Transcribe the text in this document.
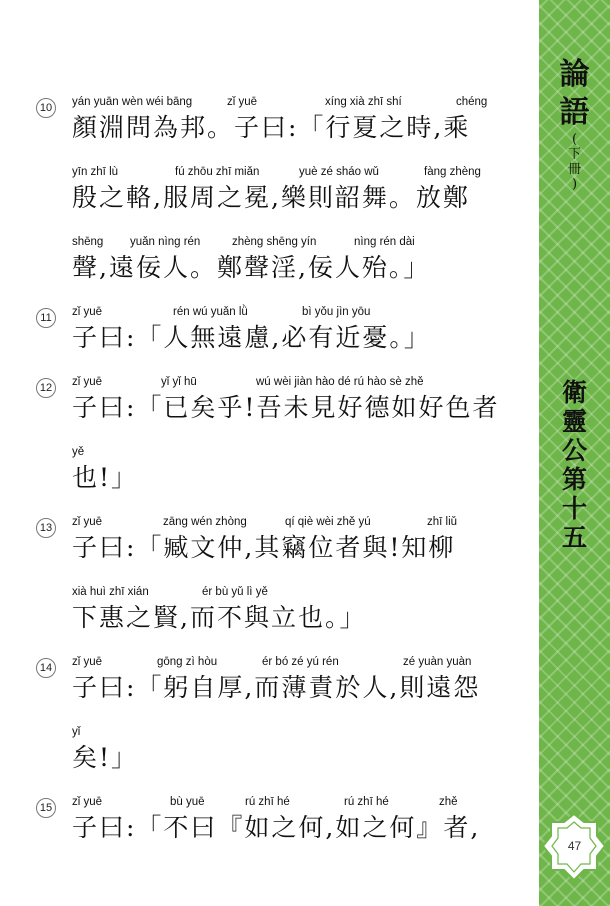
10	yán yuān wèn wéi bāng	zǐ yuē	xíng xià zhī shí	chéng
顏淵問為邦。子曰:「行夏之時,乘
yīn zhī lù	fú zhōu zhī miǎn	yuè zé sháo wǔ	fàng zhèng
殷之輅,服周之冕,樂則韶舞。放鄭
shēng yuǎn nìng rén	zhèng shēng yín	nìng rén dài
聲,遠佞人。鄭聲淫,佞人殆。」
11	zǐ yuē	rén wú yuǎn lǜ	bì yǒu jìn yōu
子曰:「人無遠慮,必有近憂。」
12	zǐ yuē	yǐ yǐ hū	wú wèi jiàn hào dé rú hào sè zhě
子曰:「已矣乎!吾未見好德如好色者
yě
也!」
13	zǐ yuē	zāng wén zhòng	qí qiè wèi zhě yú	zhī liǔ
子曰:「臧文仲,其竊位者與!知柳
xià huì zhī xián	ér bù yǔ lì yě
下惠之賢,而不與立也。」
14	zǐ yuē	gōng zì hòu	ér bó zé yú rén	zé yuàn yuàn
子曰:「躬自厚,而薄責於人,則遠怨
yǐ
矣!」
15	zǐ yuē	bù yuē	rú zhī hé	rú zhī hé	zhě
子曰:「不曰『如之何,如之何』者,
論
語
(
下
冊
)
衛
靈
公
第
十
五
47
